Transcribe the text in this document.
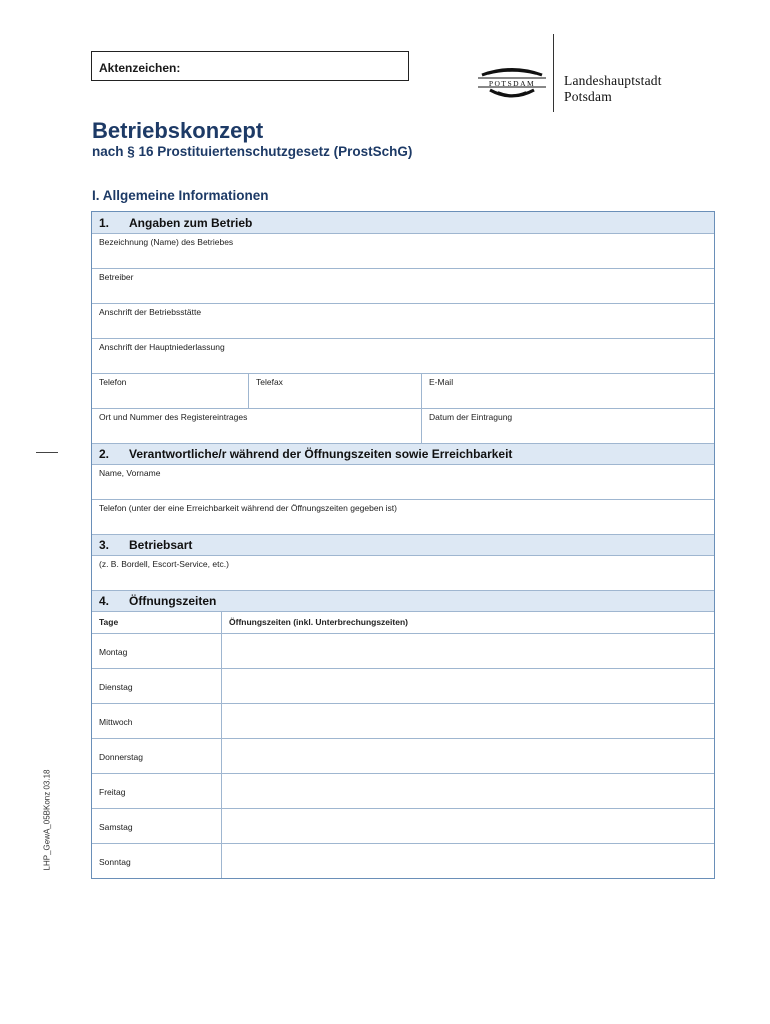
Aktenzeichen:
POTSDAM Landeshauptstadt
Potsdam
Betriebskonzept
nach § 16 Prostituiertenschutzgesetz (ProstSchG)
I. Allgemeine Informationen
LHP_GewA_05BKonz 03.18
1.	Angaben zum Betrieb
Bezeichnung (Name) des Betriebes
Betreiber
Anschrift der Betriebsstätte
Anschrift der Hauptniederlassung
Telefon	Telefax	E-Mail
Ort und Nummer des Registereintrages	Datum der Eintragung
2.	Verantwortliche/r während der Öffnungszeiten sowie Erreichbarkeit
Name, Vorname
Telefon (unter der eine Erreichbarkeit während der Öffnungszeiten gegeben ist)
3.	Betriebsart
(z. B. Bordell, Escort-Service, etc.)
4.	Öffnungszeiten
Tage	Öffnungszeiten (inkl. Unterbrechungszeiten)
Montag
Dienstag
Mittwoch
Donnerstag
Freitag
Samstag
Sonntag
